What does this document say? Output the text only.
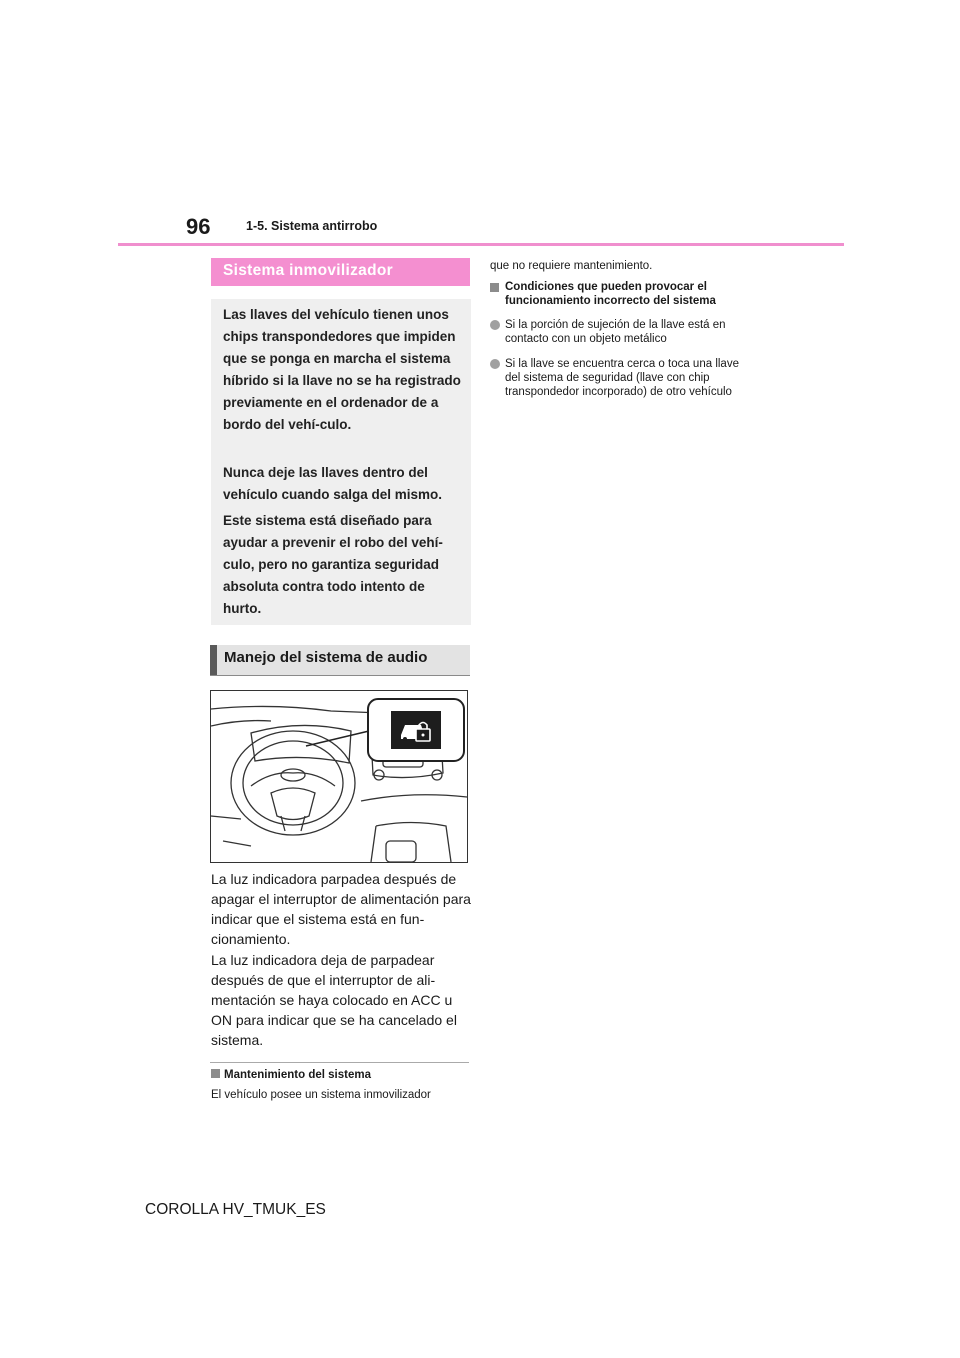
96	1-5. Sistema antirrobo
Sistema inmovilizador

Las llaves del vehículo tienen unos chips transpondedores que impiden que se ponga en marcha el sistema híbrido si la llave no se ha registrado previamente en el ordenador de a bordo del vehí-culo.

Nunca deje las llaves dentro del vehículo cuando salga del mismo.

Este sistema está diseñado para ayudar a prevenir el robo del vehí-culo, pero no garantiza seguridad absoluta contra todo intento de hurto.

Manejo del sistema de audio

La luz indicadora parpadea después de apagar el interruptor de alimentación para indicar que el sistema está en fun-cionamiento.

La luz indicadora deja de parpadear después de que el interruptor de ali-mentación se haya colocado en ACC u ON para indicar que se ha cancelado el sistema.

Mantenimiento del sistema
El vehículo posee un sistema inmovilizador
que no requiere mantenimiento.
Condiciones que pueden provocar el funcionamiento incorrecto del sistema
Si la porción de sujeción de la llave está en contacto con un objeto metálico
Si la llave se encuentra cerca o toca una llave del sistema de seguridad (llave con chip transpondedor incorporado) de otro vehículo
COROLLA HV_TMUK_ES
